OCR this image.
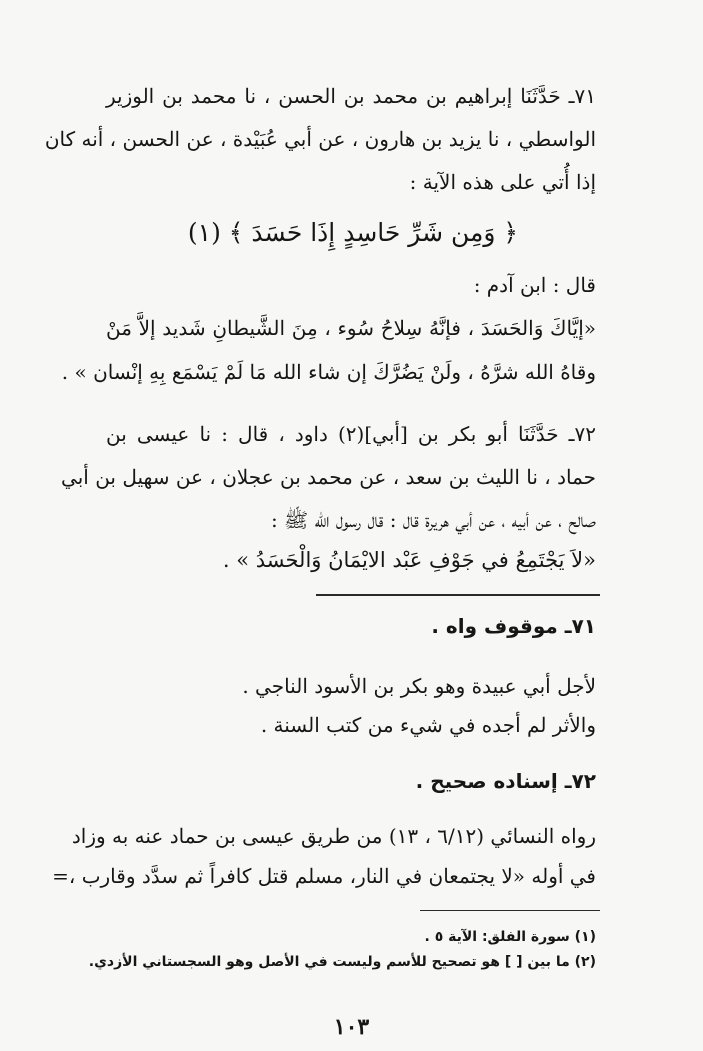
٧١ـ حَدَّثَنَا إبراهيم بن محمد بن الحسن ، نا محمد بن الوزير
الواسطي ، نا يزيد بن هارون ، عن أبي عُبَيْدة ، عن الحسن ، أنه كان
إذا أُتي على هذه الآية :
﴿ وَمِن شَرِّ حَاسِدٍ إِذَا حَسَدَ ﴾ (١)
قال : ابن آدم :
«إيَّاكَ وَالحَسَدَ ، فإنَّهُ سِلاحُ سُوء ، مِنَ الشَّيطانِ شَديد إلاَّ مَنْ
وقاهُ الله شرَّهُ ، ولَنْ يَضُرَّكَ إن شاء الله مَا لَمْ يَسْمَع بِهِ إنْسان » .
٧٢ـ حَدَّثَنَا أبو بكر بن [أبي](٢) داود ، قال : نا عيسى بن
حماد ، نا الليث بن سعد ، عن محمد بن عجلان ، عن سهيل بن أبي
صالح ، عن أبيه ، عن أبي هريرة قال : قال رسول الله ﷺ :
«لاَ يَجْتَمِعُ في جَوْفِ عَبْد الايْمَانُ وَالْحَسَدُ » .
٧١ـ موقوف واه .
لأجل أبي عبيدة وهو بكر بن الأسود الناجي .
والأثر لم أجده في شيء من كتب السنة .
٧٢ـ إسناده صحيح .
رواه النسائي (٦/١٢ ، ١٣) من طريق عيسى بن حماد عنه به وزاد
في أوله «لا يجتمعان في النار، مسلم قتل كافراً ثم سدَّد وقارب ،=
(١) سورة الفلق: الآية ٥ .
(٢) ما بين [ ] هو تصحيح للأسم وليست في الأصل وهو السجستاني الأزدي.
١٠٣
